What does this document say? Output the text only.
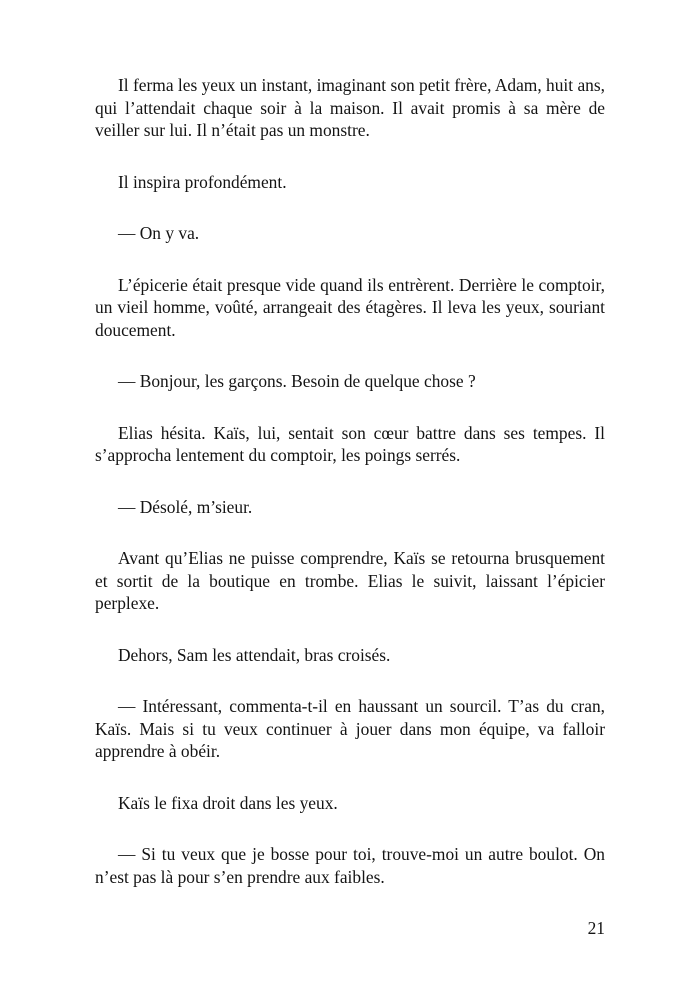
Il ferma les yeux un instant, imaginant son petit frère, Adam, huit ans, qui l’attendait chaque soir à la maison. Il avait promis à sa mère de veiller sur lui. Il n’était pas un monstre.

Il inspira profondément.

— On y va.

L’épicerie était presque vide quand ils entrèrent. Derrière le comptoir, un vieil homme, voûté, arrangeait des étagères. Il leva les yeux, souriant doucement.

— Bonjour, les garçons. Besoin de quelque chose ?

Elias hésita. Kaïs, lui, sentait son cœur battre dans ses tempes. Il s’approcha lentement du comptoir, les poings serrés.

— Désolé, m’sieur.

Avant qu’Elias ne puisse comprendre, Kaïs se retourna brusquement et sortit de la boutique en trombe. Elias le suivit, laissant l’épicier perplexe.

Dehors, Sam les attendait, bras croisés.

— Intéressant, commenta-t-il en haussant un sourcil. T’as du cran, Kaïs. Mais si tu veux continuer à jouer dans mon équipe, va falloir apprendre à obéir.

Kaïs le fixa droit dans les yeux.

— Si tu veux que je bosse pour toi, trouve-moi un autre boulot. On n’est pas là pour s’en prendre aux faibles.

21
